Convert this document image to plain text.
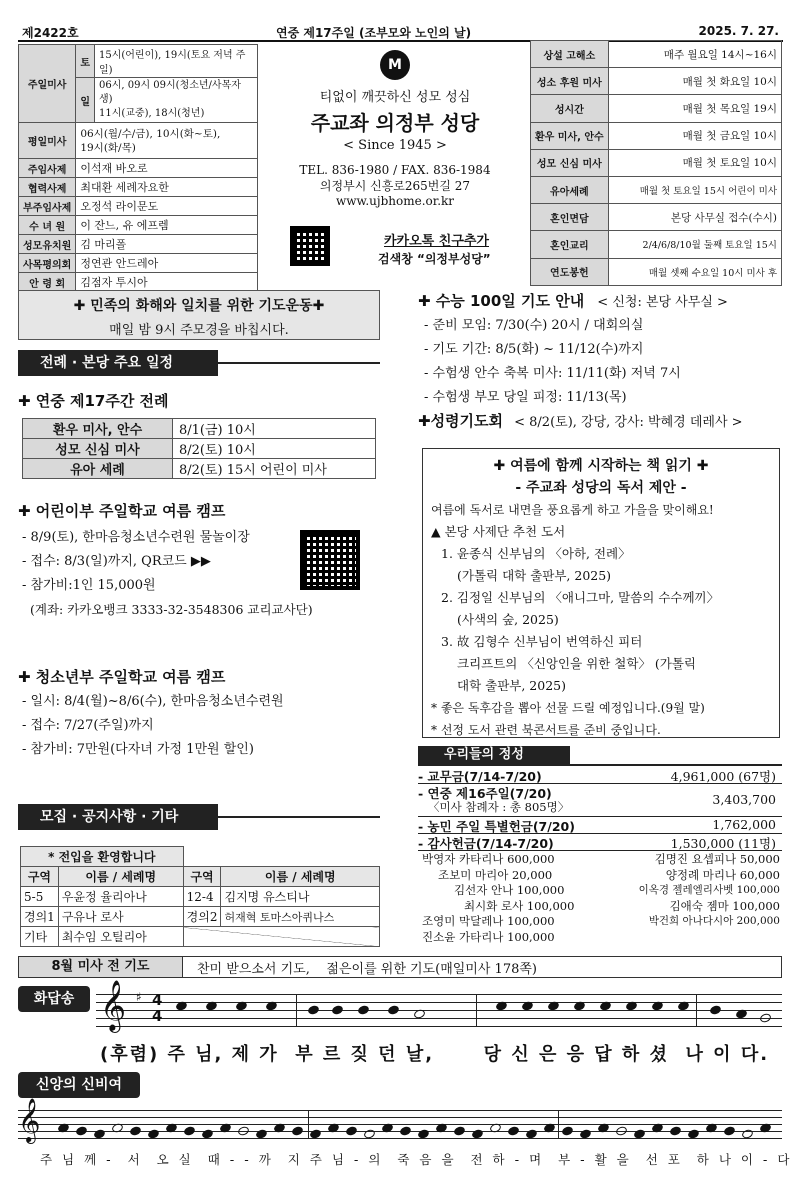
제2422호	연중 제17주일 (조부모와 노인의 날)	2025. 7. 27.
주일미사	토	15시(어린이), 19시(토요 저녁 주일)
	일	06시, 09시 09시(청소년/사목자생)
11시(교중), 18시(청년)

평일미사	06시(월/수/금), 10시(화~토),
19시(화/목)	

주임사제	이석재 바오로	
협력사제	최대환 세례자요한	
부주임사제	오정석 라이문도	
수 녀 원	이 잔느, 유 에프렘	
성모유치원	김 마리폴	
사목평의회	정연관 안드레아	
안 령 회	김점자 투시아	
M
티없이 깨끗하신 성모 성심
주교좌 의정부 성당
< Since 1945 >
TEL. 836-1980 / FAX. 836-1984
의정부시 신흥로265번길 27
www.ujbhome.or.kr
카카오톡 친구추가
검색창 “의정부성당”
상설 고해소	매주 월요일 14시~16시
성소 후원 미사	매월 첫 화요일 10시
성시간	매월 첫 목요일 19시
환우 미사, 안수	매월 첫 금요일 10시
성모 신심 미사	매월 첫 토요일 10시
유아세례	매월 첫 토요일 15시 어린이 미사
혼인면담	본당 사무실 접수(수시)
혼인교리	2/4/6/8/10월 둘째 토요일 15시
연도봉헌	매월 셋째 수요일 10시 미사 후
✚ 민족의 화해와 일치를 위한 기도운동✚
매일 밤 9시 주모경을 바칩시다.
전례 · 본당 주요 일정
✚ 연중 제17주간 전례
환우 미사, 안수	8/1(금) 10시
성모 신심 미사	8/2(토) 10시
유아 세례	8/2(토) 15시 어린이 미사
✚ 어린이부 주일학교 여름 캠프
- 8/9(토), 한마음청소년수련원 물놀이장
- 접수: 8/3(일)까지, QR코드 ▶▶
- 참가비:1인 15,000원
(계좌: 카카오뱅크 3333-32-3548306 교리교사단)
✚ 청소년부 주일학교 여름 캠프
- 일시: 8/4(월)~8/6(수), 한마음청소년수련원
- 접수: 7/27(주일)까지
- 참가비: 7만원(다자녀 가정 1만원 할인)
모집 · 공지사항 · 기타
* 전입을 환영합니다			
구역	이름 / 세례명	구역	이름 / 세례명
5-5	우윤정 율리아나	12-4	김지명 유스티나
경의1	구유나 로사	경의2	허재혁 토마스아퀴나스
기타	최수임 오틸리아		
✚ 수능 100일 기도 안내 < 신청: 본당 사무실 >
- 준비 모임: 7/30(수) 20시 / 대회의실
- 기도 기간: 8/5(화) ~ 11/12(수)까지
- 수험생 안수 축복 미사: 11/11(화) 저녁 7시
- 수험생 부모 당일 피정: 11/13(목)
✚성령기도회 < 8/2(토), 강당, 강사: 박혜경 데레사 >
✚ 여름에 함께 시작하는 책 읽기 ✚
- 주교좌 성당의 독서 제안 -
여름에 독서로 내면을 풍요롭게 하고 가을을 맞이해요!
▲ 본당 사제단 추천 도서
1. 윤종식 신부님의 〈아하, 전례〉
(가톨릭 대학 출판부, 2025)
2. 김정일 신부님의 〈애니그마, 말씀의 수수께끼〉
(사색의 숲, 2025)
3. 故 김형수 신부님이 번역하신 피터
크리프트의 〈신앙인을 위한 철학〉 (가톨릭
대학 출판부, 2025)
* 좋은 독후감을 뽑아 선물 드릴 예정입니다.(9월 말)
* 선정 도서 관련 북콘서트를 준비 중입니다.
우리들의 정성
- 교무금(7/14-7/20)	4,961,000 (67명)
- 연중 제16주일(7/20)
〈미사 참례자 : 총 805명〉	3,403,700
- 농민 주일 특별헌금(7/20)	1,762,000
- 감사헌금(7/14-7/20)	1,530,000 (11명)
박영자 카타리나 600,000	김명진 요셉피나 50,000
조보미 마리아 20,000	양정례 마리나 60,000
김선자 안나 100,000	이옥경 젤레엘리사벳 100,000
최시화 로사 100,000	김애숙 젬마 100,000
조영미 막달레나 100,000	박건희 아나다시아 200,000
진소윤 가타리나 100,000
8월 미사 전 기도	찬미 받으소서 기도,    젊은이를 위한 기도(매일미사 178쪽)
화답송 𝄞 ♯ 4
4
(후렴) 주 님, 제 가  부 르 짖 던 날,      당 신 은 응 답 하 셨  나 이 다.
신앙의 신비여
𝄞
주 님 께 -  서  오 실  때 - - 까  지 주 님 - 의  죽 음 을  전 하 - 며  부 - 활 을  선 포  하 나 이 - 다
